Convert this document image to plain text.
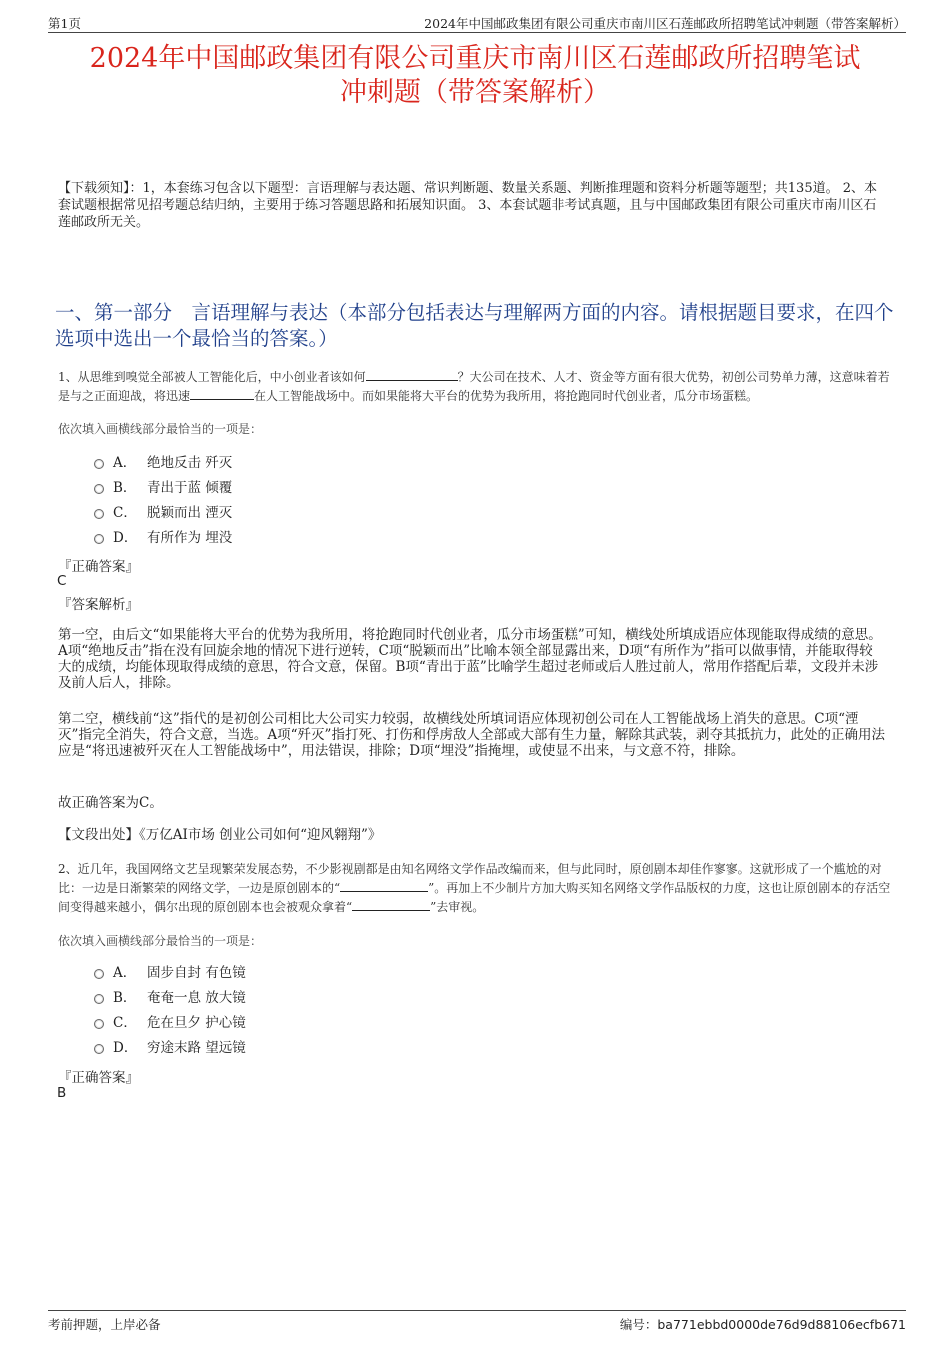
第1页	2024年中国邮政集团有限公司重庆市南川区石莲邮政所招聘笔试冲刺题（带答案解析）
2024年中国邮政集团有限公司重庆市南川区石莲邮政所招聘笔试
冲刺题（带答案解析）

【下载须知】：1，本套练习包含以下题型：言语理解与表达题、常识判断题、数量关系题、判断推理题和资料分析题等题型；共135道。 2、本套试题根据常见招考题总结归纳，主要用于练习答题思路和拓展知识面。 3、本套试题非考试真题，且与中国邮政集团有限公司重庆市南川区石莲邮政所无关。

一、第一部分　言语理解与表达（本部分包括表达与理解两方面的内容。请根据题目要求，在四个选项中选出一个最恰当的答案。）

1、从思维到嗅觉全部被人工智能化后，中小创业者该如何	？大公司在技术、人才、资金等方面有很大优势，初创公司势单力薄，这意味着若是与之正面迎战，将迅速	在人工智能战场中。而如果能将大平台的优势为我所用，将抢跑同时代创业者，瓜分市场蛋糕。

依次填入画横线部分最恰当的一项是：

A． 绝地反击 歼灭
B． 青出于蓝 倾覆
C． 脱颖而出 湮灭
D． 有所作为 埋没

『正确答案』

C

『答案解析』

第一空，由后文“如果能将大平台的优势为我所用，将抢跑同时代创业者，瓜分市场蛋糕”可知，横线处所填成语应体现能取得成绩的意思。A项“绝地反击”指在没有回旋余地的情况下进行逆转，C项“脱颖而出”比喻本领全部显露出来，D项“有所作为”指可以做事情，并能取得较大的成绩，均能体现取得成绩的意思，符合文意，保留。B项“青出于蓝”比喻学生超过老师或后人胜过前人，常用作搭配后辈，文段并未涉及前人后人，排除。

第二空，横线前“这”指代的是初创公司相比大公司实力较弱，故横线处所填词语应体现初创公司在人工智能战场上消失的意思。C项“湮灭”指完全消失，符合文意，当选。A项“歼灭”指打死、打伤和俘虏敌人全部或大部有生力量，解除其武装，剥夺其抵抗力，此处的正确用法应是“将迅速被歼灭在人工智能战场中”，用法错误，排除；D项“埋没”指掩埋，或使显不出来，与文意不符，排除。

故正确答案为C。

【文段出处】《万亿AI市场 创业公司如何“迎风翱翔”》

2、近几年，我国网络文艺呈现繁荣发展态势，不少影视剧都是由知名网络文学作品改编而来，但与此同时，原创剧本却佳作寥寥。这就形成了一个尴尬的对比：一边是日渐繁荣的网络文学，一边是原创剧本的“	”。再加上不少制片方加大购买知名网络文学作品版权的力度，这也让原创剧本的存活空间变得越来越小，偶尔出现的原创剧本也会被观众拿着“	”去审视。

依次填入画横线部分最恰当的一项是：

A． 固步自封 有色镜
B． 奄奄一息 放大镜
C． 危在旦夕 护心镜
D． 穷途末路 望远镜

『正确答案』

B

考前押题，上岸必备	编号：ba771ebbd0000de76d9d88106ecfb671
